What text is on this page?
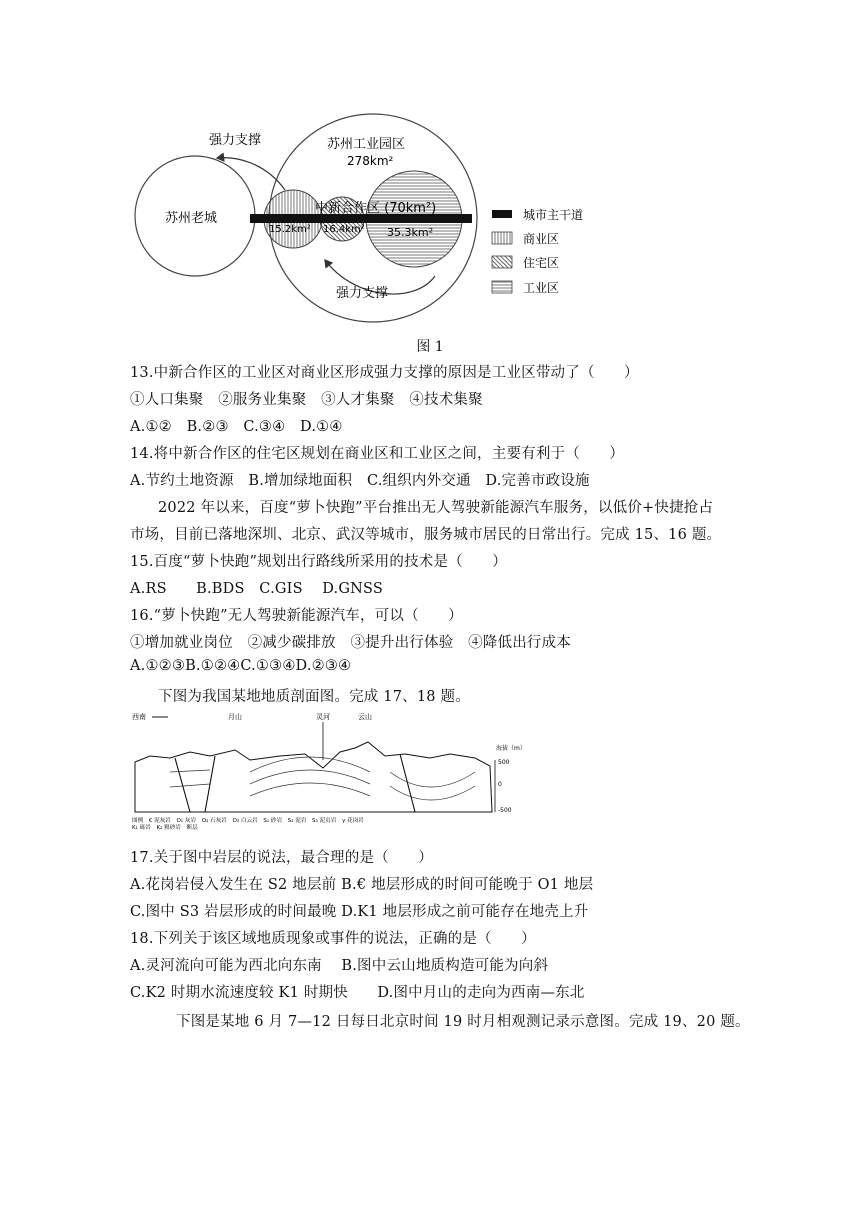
苏州老城
苏州工业园区
278km²
中新合作区 (70km²)
15.2km² 16.4km² 35.3km²
强力支撑
强力支撑
城市主干道
商业区
住宅区
工业区
图 1
13.中新合作区的工业区对商业区形成强力支撑的原因是工业区带动了（　　）
①人口集聚　②服务业集聚　③人才集聚　④技术集聚
A.①②　B.②③　C.③④　D.①④
14.将中新合作区的住宅区规划在商业区和工业区之间，主要有利于（　　）
A.节约土地资源　B.增加绿地面积　C.组织内外交通　D.完善市政设施
2022 年以来，百度“萝卜快跑”平台推出无人驾驶新能源汽车服务，以低价+快捷抢占
市场，目前已落地深圳、北京、武汉等城市，服务城市居民的日常出行。完成 15、16 题。
15.百度“萝卜快跑”规划出行路线所采用的技术是（　　）
A.RS　　B.BDS　C.GIS　 D.GNSS
16.“萝卜快跑”无人驾驶新能源汽车，可以（　　）
①增加就业岗位　②减少碳排放　③提升出行体验　④降低出行成本
A.①②③B.①②④C.①③④D.②③④
下图为我国某地地质剖面图。完成 17、18 题。
西南	月山	灵河	云山
海拔（m）
500
0
-500
图例　€ 泥灰岩　O₁ 灰岩　O₂ 石灰岩　O₃ 白云岩　S₁ 砂岩　S₂ 泥岩　S₃ 泥页岩　γ 花岗岩
K₁ 砾岩　K₂ 粗砂岩　断层
17.关于图中岩层的说法，最合理的是（　　）
A.花岗岩侵入发生在 S2 地层前 B.€ 地层形成的时间可能晚于 O1 地层
C.图中 S3 岩层形成的时间最晚 D.K1 地层形成之前可能存在地壳上升
18.下列关于该区域地质现象或事件的说法，正确的是（　　）
A.灵河流向可能为西北向东南　 B.图中云山地质构造可能为向斜
C.K2 时期水流速度较 K1 时期快　　D.图中月山的走向为西南—东北
下图是某地 6 月 7—12 日每日北京时间 19 时月相观测记录示意图。完成 19、20 题。
